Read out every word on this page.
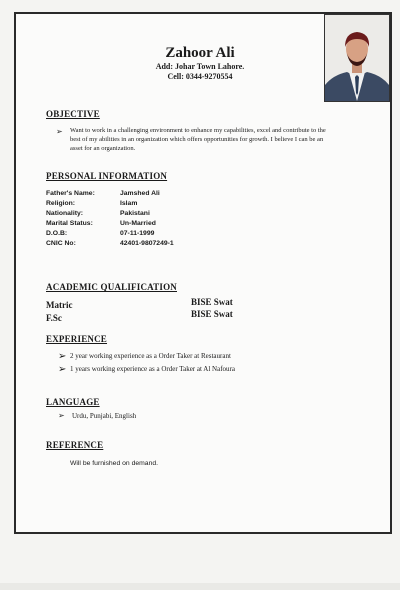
Zahoor Ali
Add: Johar Town Lahore.
Cell: 0344-9270554
OBJECTIVE
➢ Want to work in a challenging environment to enhance my capabilities, excel and contribute to the
best of my abilities in an organization which offers opportunities for growth. I believe I can be an
asset for an organization.
PERSONAL INFORMATION
Father's Name:	Jamshed Ali
Religion:	Islam
Nationality:	Pakistani
Marital Status:	Un-Married
D.O.B:	07-11-1999
CNIC No:	42401-9807249-1
ACADEMIC QUALIFICATION
Matric	BISE Swat
F.Sc	BISE Swat
EXPERIENCE
➢ 2 year working experience as a Order Taker at Restaurant
➢ 1 years working experience as a Order Taker at Al Nafoura
LANGUAGE
➢ Urdu, Punjabi, English
REFERENCE
Will be furnished on demand.
